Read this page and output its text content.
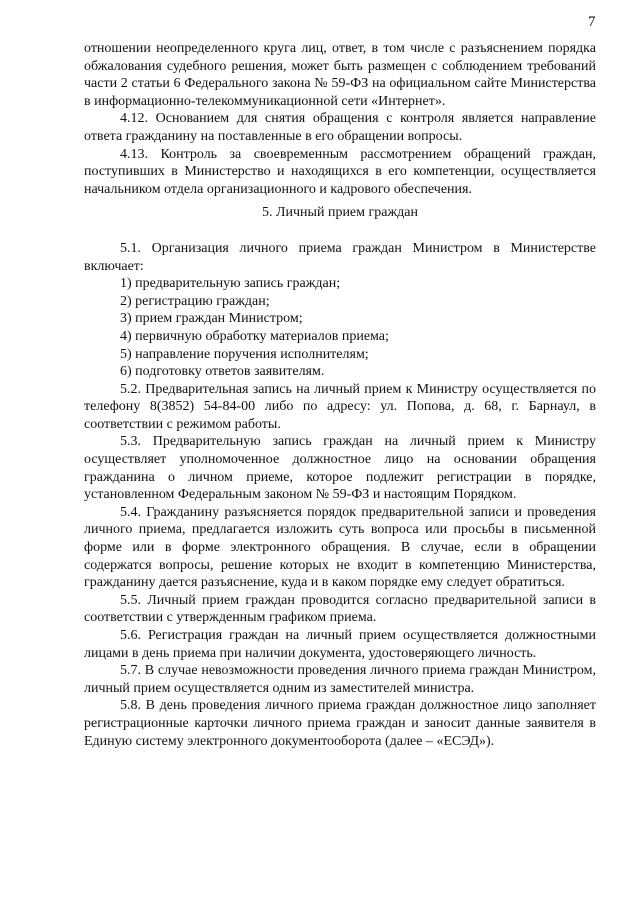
7

отношении неопределенного круга лиц, ответ, в том числе с разъяснением порядка обжалования судебного решения, может быть размещен с соблюдением требований части 2 статьи 6 Федерального закона № 59-ФЗ на официальном сайте Министерства в информационно-телекоммуникационной сети «Интернет».

4.12. Основанием для снятия обращения с контроля является направление ответа гражданину на поставленные в его обращении вопросы.

4.13. Контроль за своевременным рассмотрением обращений граждан, поступивших в Министерство и находящихся в его компетенции, осуществляется начальником отдела организационного и кадрового обеспечения.

5. Личный прием граждан

5.1. Организация личного приема граждан Министром в Министерстве включает:

1) предварительную запись граждан;

2) регистрацию граждан;

3) прием граждан Министром;

4) первичную обработку материалов приема;

5) направление поручения исполнителям;

6) подготовку ответов заявителям.

5.2. Предварительная запись на личный прием к Министру осуществляется по телефону 8(3852) 54-84-00 либо по адресу: ул. Попова, д. 68, г. Барнаул, в соответствии с режимом работы.

5.3. Предварительную запись граждан на личный прием к Министру осуществляет уполномоченное должностное лицо на основании обращения гражданина о личном приеме, которое подлежит регистрации в порядке, установленном Федеральным законом № 59-ФЗ и настоящим Порядком.

5.4. Гражданину разъясняется порядок предварительной записи и проведения личного приема, предлагается изложить суть вопроса или просьбы в письменной форме или в форме электронного обращения. В случае, если в обращении содержатся вопросы, решение которых не входит в компетенцию Министерства, гражданину дается разъяснение, куда и в каком порядке ему следует обратиться.

5.5. Личный прием граждан проводится согласно предварительной записи в соответствии с утвержденным графиком приема.

5.6. Регистрация граждан на личный прием осуществляется должностными лицами в день приема при наличии документа, удостоверяющего личность.

5.7. В случае невозможности проведения личного приема граждан Министром, личный прием осуществляется одним из заместителей министра.

5.8. В день проведения личного приема граждан должностное лицо заполняет регистрационные карточки личного приема граждан и заносит данные заявителя в Единую систему электронного документооборота (далее – «ЕСЭД»).
